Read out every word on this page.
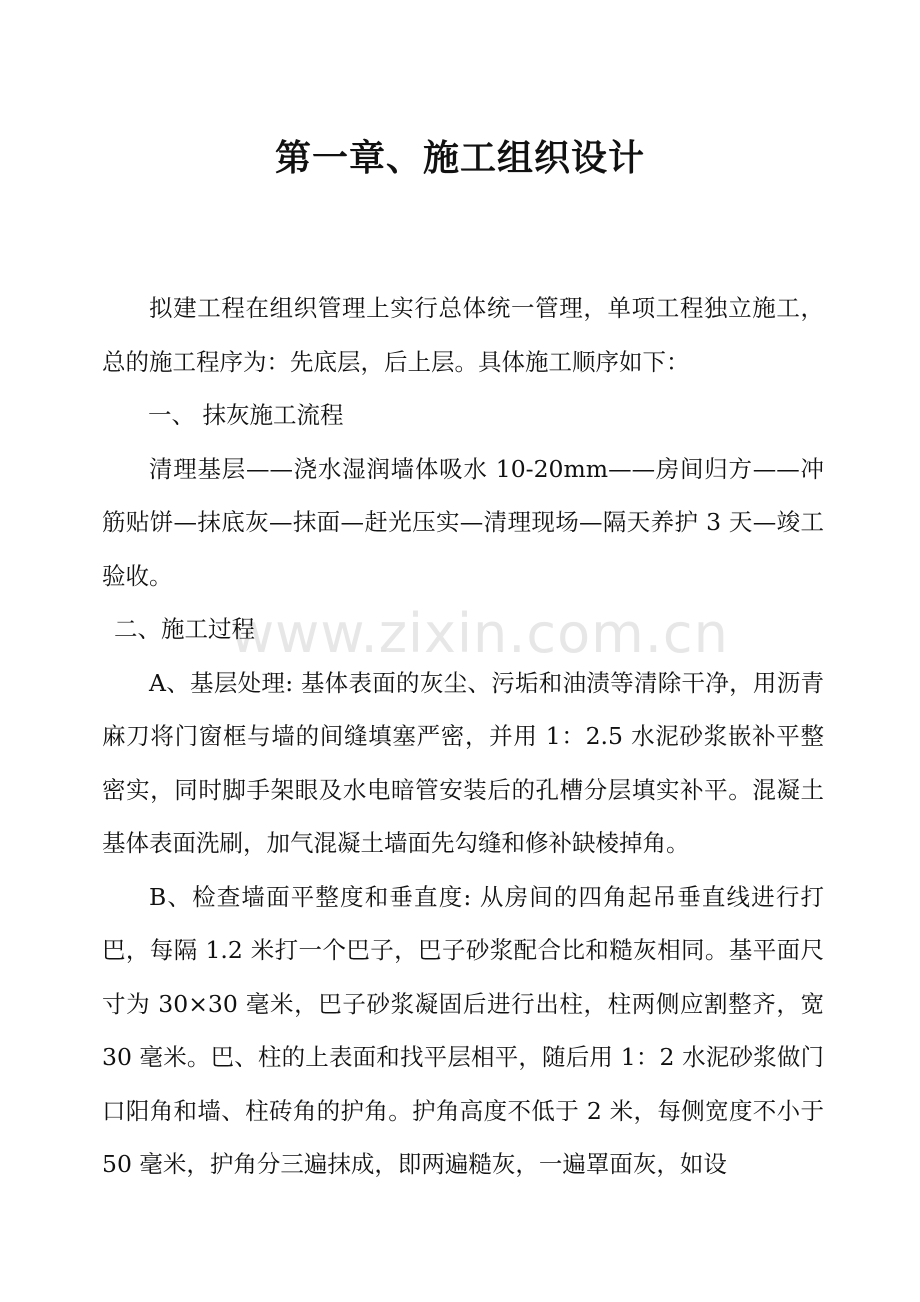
第一章、施工组织设计
www.zixin.com.cn

拟建工程在组织管理上实行总体统一管理，单项工程独立施工，总的施工程序为：先底层，后上层。具体施工顺序如下：

一、 抹灰施工流程

清理基层——浇水湿润墙体吸水 10-20mm——房间归方——冲筋贴饼—抹底灰—抹面—赶光压实—清理现场—隔天养护 3 天—竣工验收。

二、施工过程

A、基层处理: 基体表面的灰尘、污垢和油渍等清除干净，用沥青麻刀将门窗框与墙的间缝填塞严密，并用 1：2.5 水泥砂浆嵌补平整密实，同时脚手架眼及水电暗管安装后的孔槽分层填实补平。混凝土基体表面洗刷，加气混凝土墙面先勾缝和修补缺棱掉角。

B、检查墙面平整度和垂直度: 从房间的四角起吊垂直线进行打巴，每隔 1.2 米打一个巴子，巴子砂浆配合比和糙灰相同。基平面尺寸为 30×30 毫米，巴子砂浆凝固后进行出柱，柱两侧应割整齐，宽 30 毫米。巴、柱的上表面和找平层相平，随后用 1：2 水泥砂浆做门口阳角和墙、柱砖角的护角。护角高度不低于 2 米，每侧宽度不小于 50 毫米，护角分三遍抹成，即两遍糙灰，一遍罩面灰，如设
